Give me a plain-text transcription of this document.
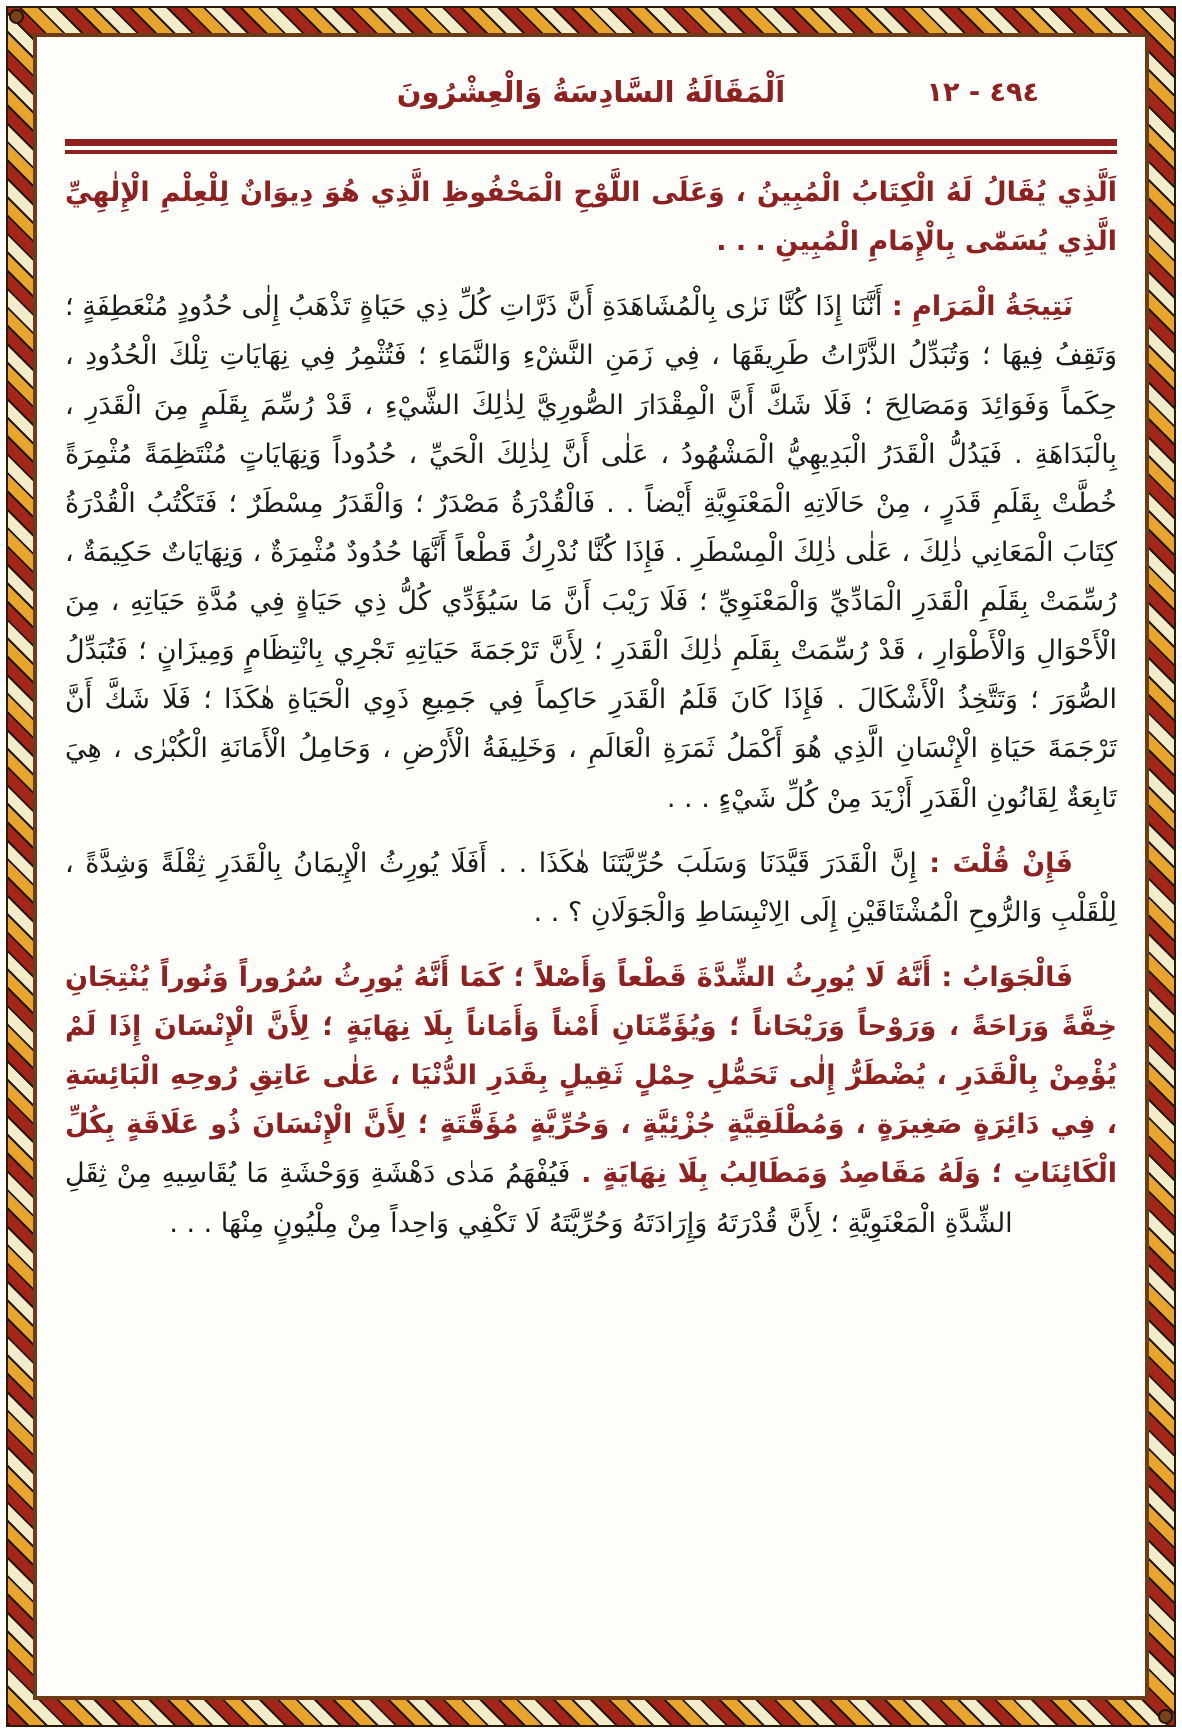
٤٩٤ - ١٢
اَلْمَقَالَةُ السَّادِسَةُ وَالْعِشْرُونَ

اَلَّذِي يُقَالُ لَهُ الْكِتَابُ الْمُبِينُ ، وَعَلَى اللَّوْحِ الْمَحْفُوظِ الَّذِي هُوَ دِيوَانٌ لِلْعِلْمِ الْإِلٰهِيِّ الَّذِي يُسَمّٰى بِالْإِمَامِ الْمُبِينِ . . .

نَتِيجَةُ الْمَرَامِ : أَنَّنَا إِذَا كُنَّا نَرٰى بِالْمُشَاهَدَةِ أَنَّ ذَرَّاتِ كُلِّ ذِي حَيَاةٍ تَذْهَبُ إِلٰى حُدُودٍ مُنْعَطِفَةٍ ؛ وَتَقِفُ فِيهَا ؛ وَتُبَدِّلُ الذَّرَّاتُ طَرِيقَهَا ، فِي زَمَنِ النَّشْءِ وَالنَّمَاءِ ؛ فَتُثْمِرُ فِي نِهَايَاتِ تِلْكَ الْحُدُودِ ، حِكَماً وَفَوَائِدَ وَمَصَالِحَ ؛ فَلَا شَكَّ أَنَّ الْمِقْدَارَ الصُّورِيَّ لِذٰلِكَ الشَّيْءِ ، قَدْ رُسِّمَ بِقَلَمٍ مِنَ الْقَدَرِ ، بِالْبَدَاهَةِ . فَيَدُلُّ الْقَدَرُ الْبَدِيهِيُّ الْمَشْهُودُ ، عَلٰى أَنَّ لِذٰلِكَ الْحَيِّ ، حُدُوداً وَنِهَايَاتٍ مُنْتَظِمَةً مُثْمِرَةً خُطَّتْ بِقَلَمِ قَدَرٍ ، مِنْ حَالَاتِهِ الْمَعْنَوِيَّةِ أَيْضاً . . فَالْقُدْرَةُ مَصْدَرٌ ؛ وَالْقَدَرُ مِسْطَرٌ ؛ فَتَكْتُبُ الْقُدْرَةُ كِتَابَ الْمَعَانِي ذٰلِكَ ، عَلٰى ذٰلِكَ الْمِسْطَرِ . فَإِذَا كُنَّا نُدْرِكُ قَطْعاً أَنَّهَا حُدُودٌ مُثْمِرَةٌ ، وَنِهَايَاتٌ حَكِيمَةٌ ، رُسِّمَتْ بِقَلَمِ الْقَدَرِ الْمَادِّيِّ وَالْمَعْنَوِيِّ ؛ فَلَا رَيْبَ أَنَّ مَا سَيُؤَدِّي كُلُّ ذِي حَيَاةٍ فِي مُدَّةِ حَيَاتِهِ ، مِنَ الْأَحْوَالِ وَالْأَطْوَارِ ، قَدْ رُسِّمَتْ بِقَلَمِ ذٰلِكَ الْقَدَرِ ؛ لِأَنَّ تَرْجَمَةَ حَيَاتِهِ تَجْرِي بِانْتِظَامٍ وَمِيزَانٍ ؛ فَتُبَدِّلُ الصُّوَرَ ؛ وَتَتَّخِذُ الْأَشْكَالَ . فَإِذَا كَانَ قَلَمُ الْقَدَرِ حَاكِماً فِي جَمِيعِ ذَوِي الْحَيَاةِ هٰكَذَا ؛ فَلَا شَكَّ أَنَّ تَرْجَمَةَ حَيَاةِ الْإِنْسَانِ الَّذِي هُوَ أَكْمَلُ ثَمَرَةِ الْعَالَمِ ، وَخَلِيفَةُ الْأَرْضِ ، وَحَامِلُ الْأَمَانَةِ الْكُبْرٰى ، هِيَ تَابِعَةٌ لِقَانُونِ الْقَدَرِ أَزْيَدَ مِنْ كُلِّ شَيْءٍ . . .

فَإِنْ قُلْتَ : إِنَّ الْقَدَرَ قَيَّدَنَا وَسَلَبَ حُرِّيَّتَنَا هٰكَذَا . . أَفَلَا يُورِثُ الْإِيمَانُ بِالْقَدَرِ ثِقْلَةً وَشِدَّةً ، لِلْقَلْبِ وَالرُّوحِ الْمُشْتَاقَيْنِ إِلَى الِانْبِسَاطِ وَالْجَوَلَانِ ؟ . .

فَالْجَوَابُ : أَنَّهُ لَا يُورِثُ الشِّدَّةَ قَطْعاً وَأَصْلاً ؛ كَمَا أَنَّهُ يُورِثُ سُرُوراً وَنُوراً يُنْتِجَانِ خِفَّةً وَرَاحَةً ، وَرَوْحاً وَرَيْحَاناً ؛ وَيُؤَمِّنَانِ أَمْناً وَأَمَاناً بِلَا نِهَايَةٍ ؛ لِأَنَّ الْإِنْسَانَ إِذَا لَمْ يُؤْمِنْ بِالْقَدَرِ ، يُضْطَرُّ إِلٰى تَحَمُّلِ حِمْلٍ ثَقِيلٍ بِقَدَرِ الدُّنْيَا ، عَلٰى عَاتِقِ رُوحِهِ الْبَائِسَةِ ، فِي دَائِرَةٍ صَغِيرَةٍ ، وَمُطْلَقِيَّةٍ جُزْئِيَّةٍ ، وَحُرِّيَّةٍ مُؤَقَّتَةٍ ؛ لِأَنَّ الْإِنْسَانَ ذُو عَلَاقَةٍ بِكُلِّ الْكَائِنَاتِ ؛ وَلَهُ مَقَاصِدُ وَمَطَالِبُ بِلَا نِهَايَةٍ . فَيُفْهَمُ مَدٰى دَهْشَةِ وَوَحْشَةِ مَا يُقَاسِيهِ مِنْ ثِقَلِ الشِّدَّةِ الْمَعْنَوِيَّةِ ؛ لِأَنَّ قُدْرَتَهُ وَإِرَادَتَهُ وَحُرِّيَّتَهُ لَا تَكْفِي وَاحِداً مِنْ مِلْيُونٍ مِنْهَا . . .
